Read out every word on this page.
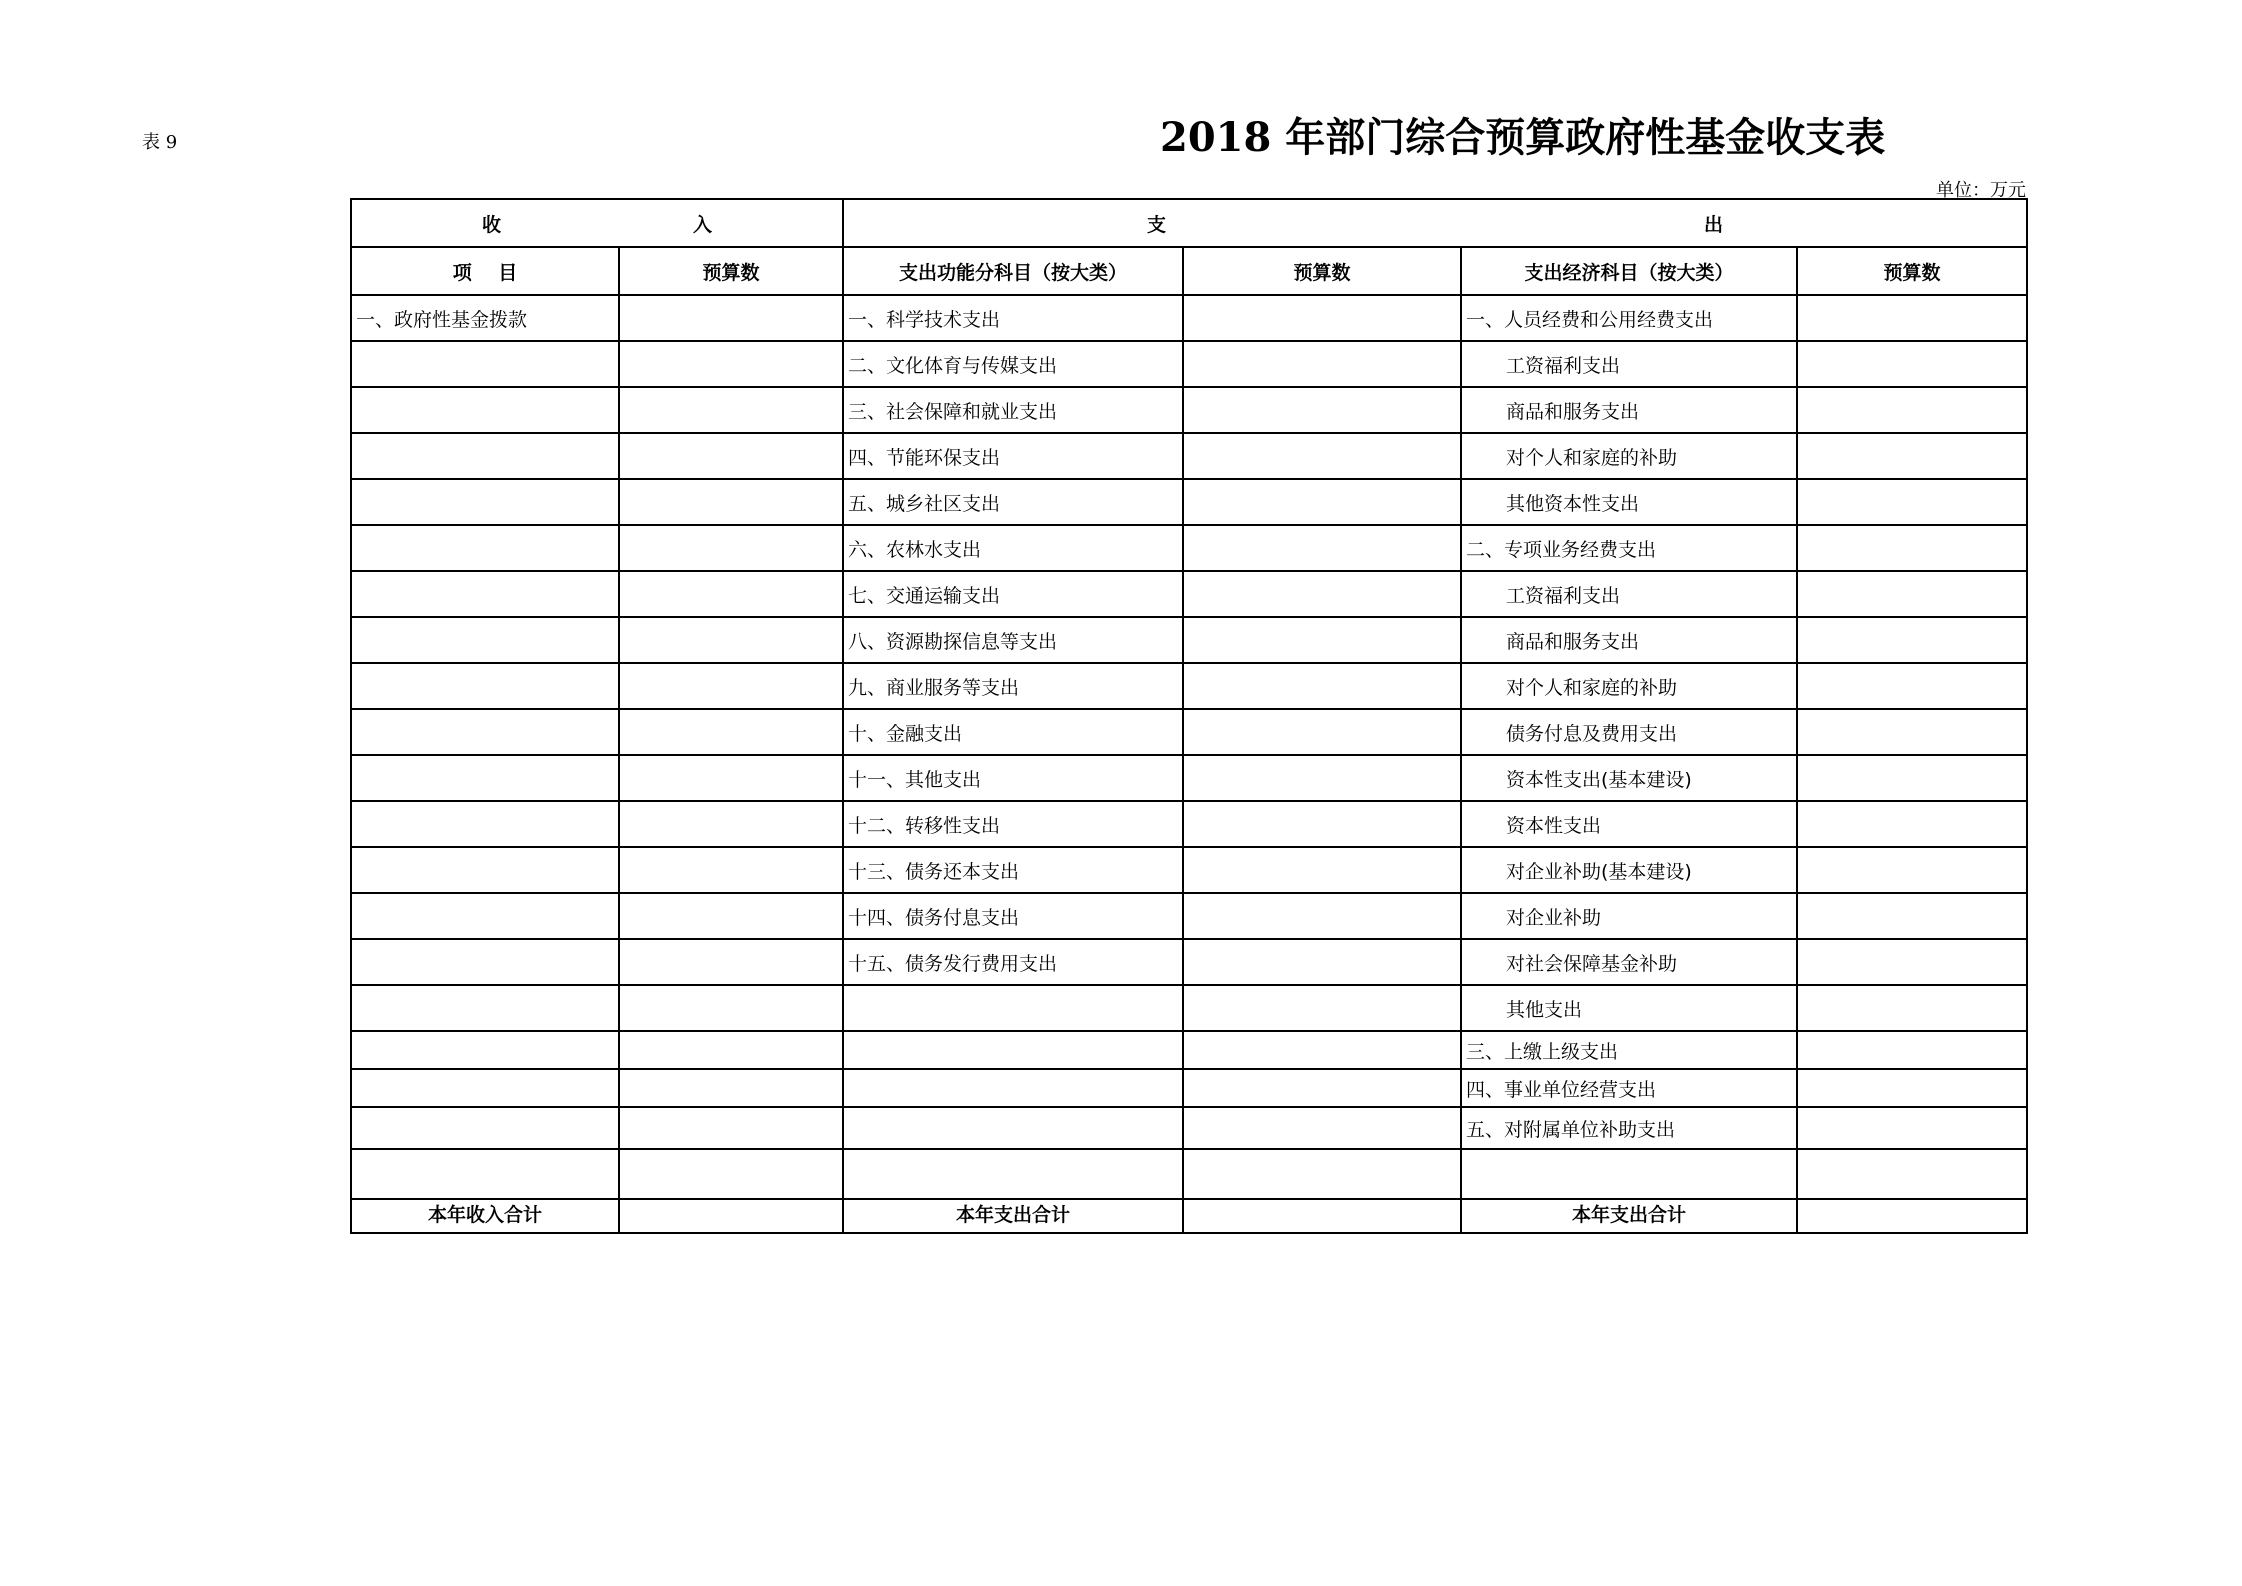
表 9	2018 年部门综合预算政府性基金收支表
单位：万元
收 入		支 出			

项    目	预算数	支出功能分科目（按大类）	预算数	支出经济科目（按大类）	预算数
一、政府性基金拨款		一、科学技术支出		一、人员经费和公用经费支出	
		二、文化体育与传媒支出		工资福利支出	
		三、社会保障和就业支出		商品和服务支出	
		四、节能环保支出		对个人和家庭的补助	
		五、城乡社区支出		其他资本性支出	
		六、农林水支出		二、专项业务经费支出	
		七、交通运输支出		工资福利支出	
		八、资源勘探信息等支出		商品和服务支出	
		九、商业服务等支出		对个人和家庭的补助	
		十、金融支出		债务付息及费用支出	
		十一、其他支出		资本性支出(基本建设)	
		十二、转移性支出		资本性支出	
		十三、债务还本支出		对企业补助(基本建设)	
		十四、债务付息支出		对企业补助	
		十五、债务发行费用支出		对社会保障基金补助	
				其他支出	
				三、上缴上级支出	
				四、事业单位经营支出	
				五、对附属单位补助支出	

本年收入合计		本年支出合计		本年支出合计	
